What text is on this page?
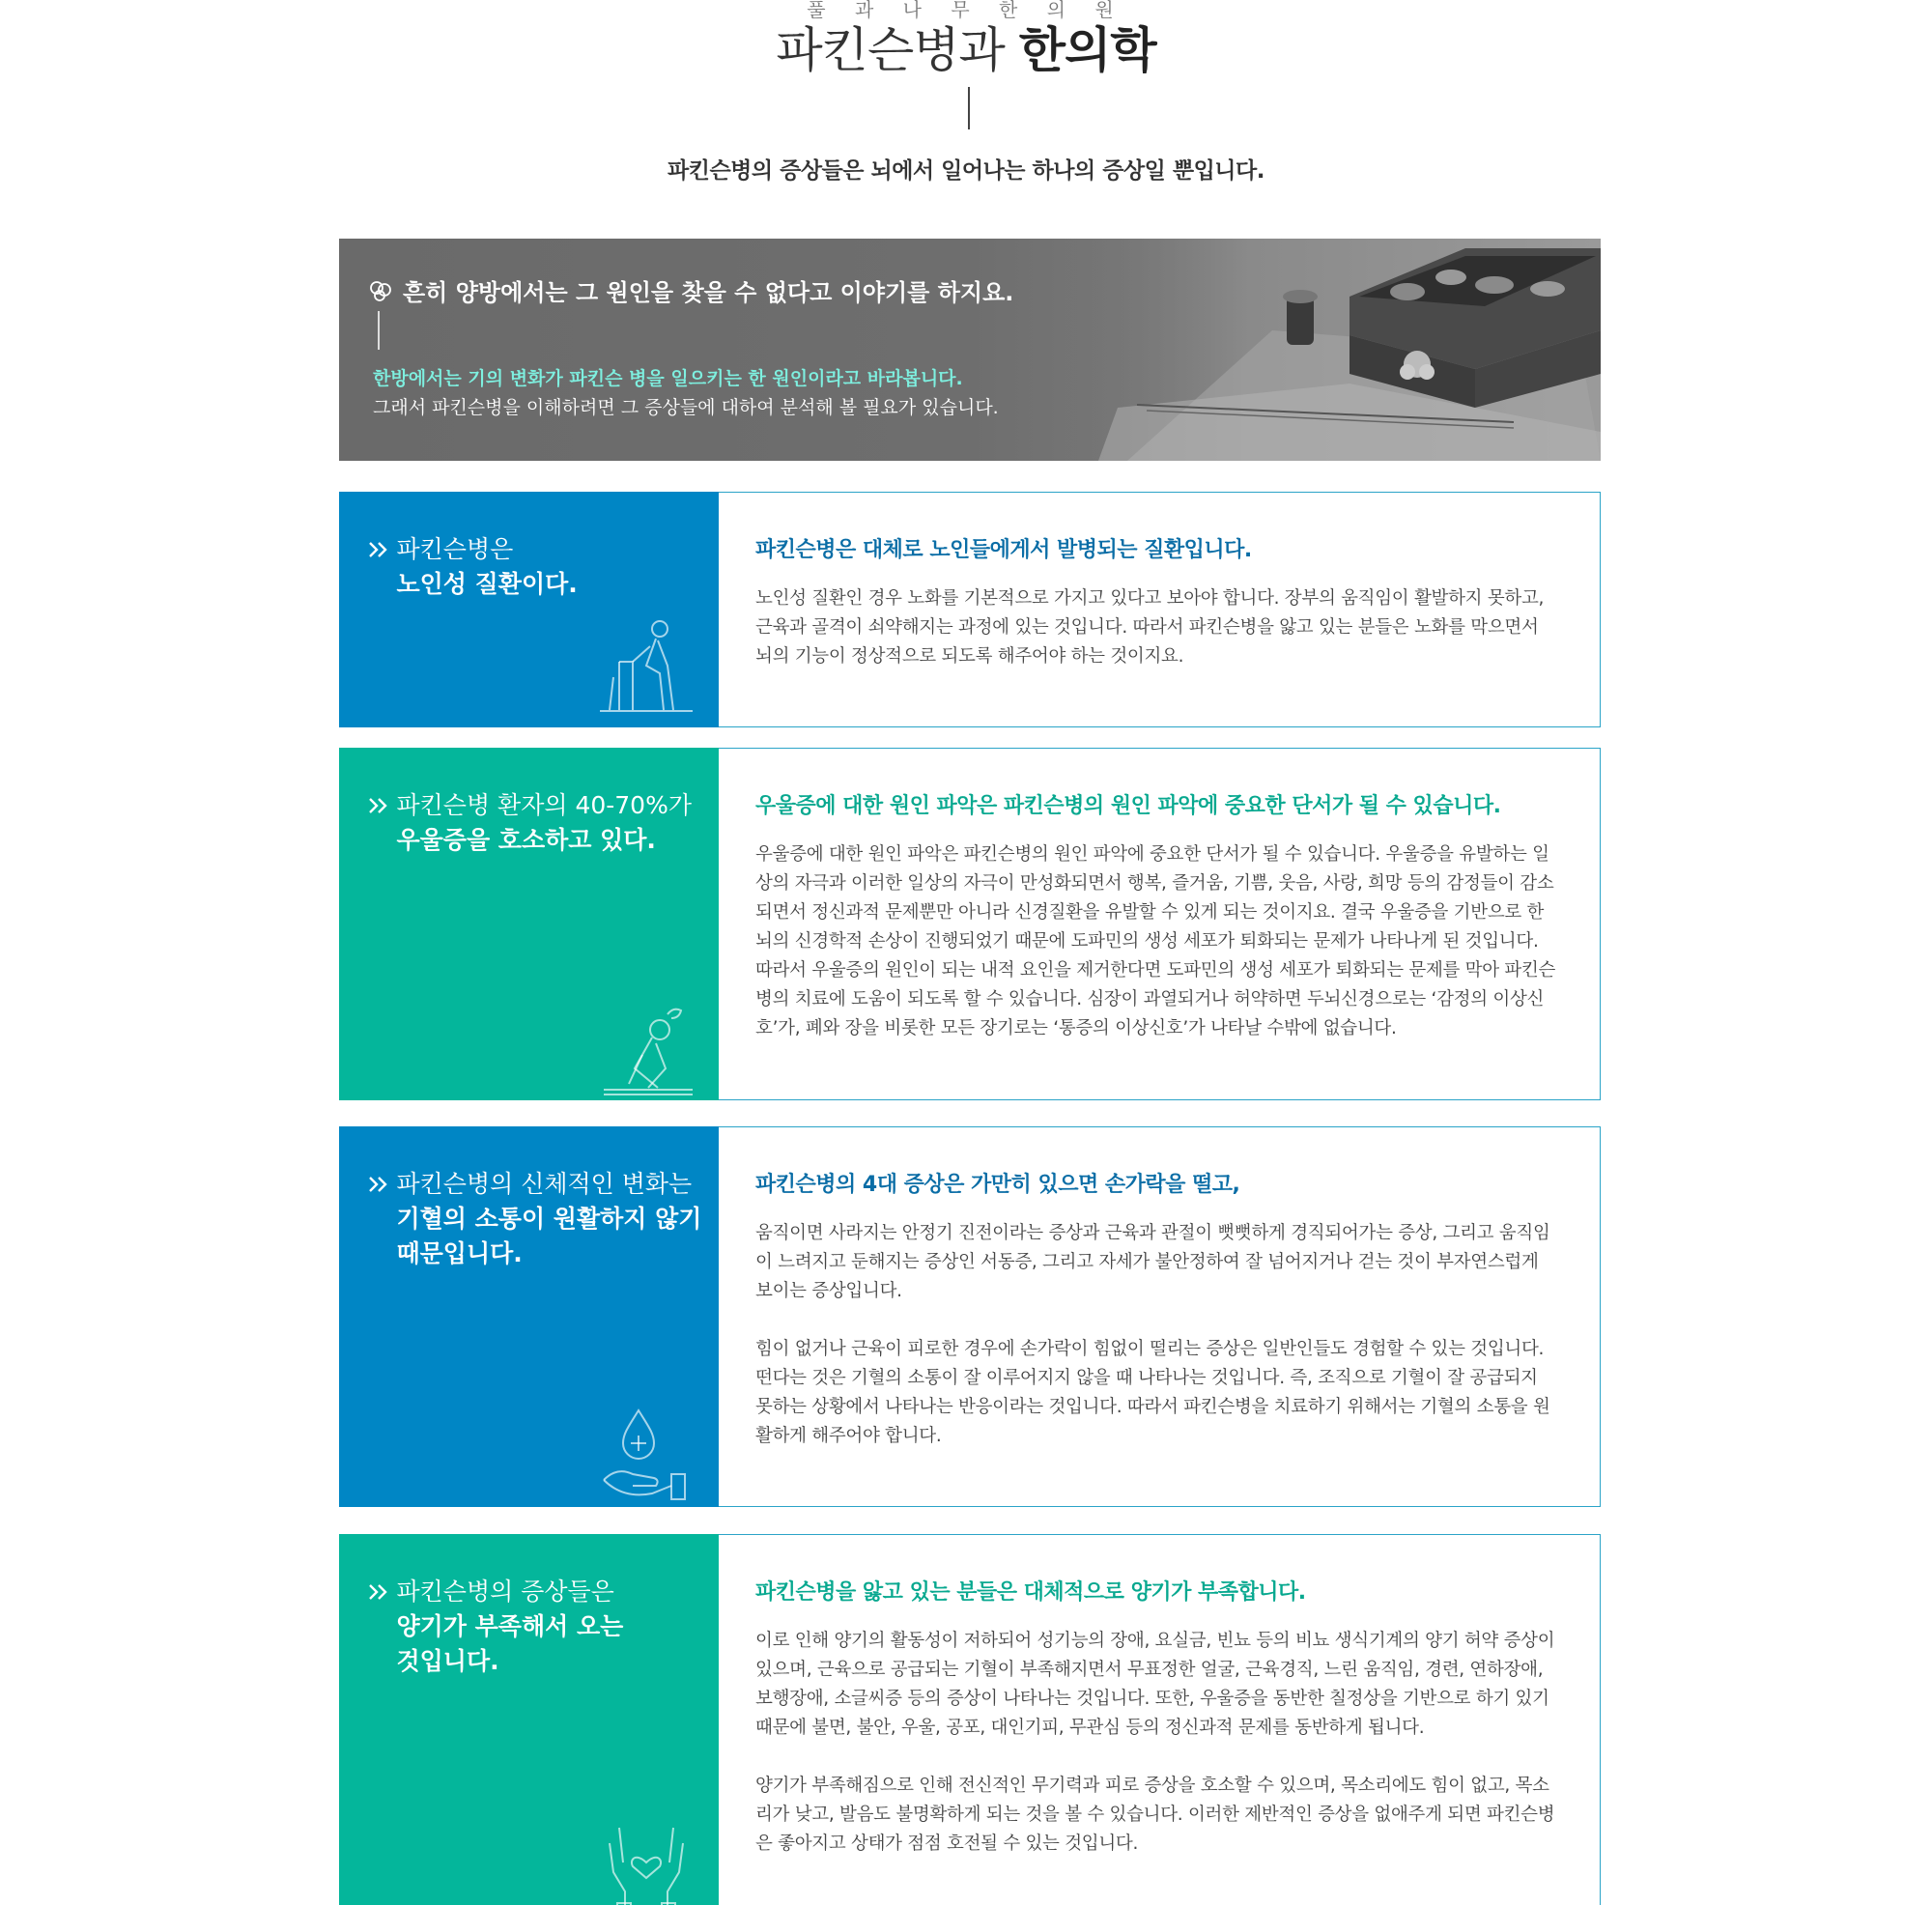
풀 과 나 무 한 의 원
파킨슨병과 한의학
파킨슨병의 증상들은 뇌에서 일어나는 하나의 증상일 뿐입니다.
흔히 양방에서는 그 원인을 찾을 수 없다고 이야기를 하지요.
한방에서는 기의 변화가 파킨슨 병을 일으키는 한 원인이라고 바라봅니다.
그래서 파킨슨병을 이해하려면 그 증상들에 대하여 분석해 볼 필요가 있습니다.
파킨슨병은
노인성 질환이다.
파킨슨병은 대체로 노인들에게서 발병되는 질환입니다.

노인성 질환인 경우 노화를 기본적으로 가지고 있다고 보아야 합니다. 장부의 움직임이 활발하지 못하고, 근육과 골격이 쇠약해지는 과정에 있는 것입니다. 따라서 파킨슨병을 앓고 있는 분들은 노화를 막으면서 뇌의 기능이 정상적으로 되도록 해주어야 하는 것이지요.

파킨슨병 환자의 40-70%가
우울증을 호소하고 있다.
우울증에 대한 원인 파악은 파킨슨병의 원인 파악에 중요한 단서가 될 수 있습니다.

우울증에 대한 원인 파악은 파킨슨병의 원인 파악에 중요한 단서가 될 수 있습니다. 우울증을 유발하는 일상의 자극과 이러한 일상의 자극이 만성화되면서 행복, 즐거움, 기쁨, 웃음, 사랑, 희망 등의 감정들이 감소되면서 정신과적 문제뿐만 아니라 신경질환을 유발할 수 있게 되는 것이지요. 결국 우울증을 기반으로 한 뇌의 신경학적 손상이 진행되었기 때문에 도파민의 생성 세포가 퇴화되는 문제가 나타나게 된 것입니다. 따라서 우울증의 원인이 되는 내적 요인을 제거한다면 도파민의 생성 세포가 퇴화되는 문제를 막아 파킨슨병의 치료에 도움이 되도록 할 수 있습니다. 심장이 과열되거나 허약하면 두뇌신경으로는 ‘감정의 이상신호’가, 폐와 장을 비롯한 모든 장기로는 ‘통증의 이상신호’가 나타날 수밖에 없습니다.

파킨슨병의 신체적인 변화는
기혈의 소통이 원활하지 않기
때문입니다.
파킨슨병의 4대 증상은 가만히 있으면 손가락을 떨고,

움직이면 사라지는 안정기 진전이라는 증상과 근육과 관절이 뻣뻣하게 경직되어가는 증상, 그리고 움직임이 느려지고 둔해지는 증상인 서동증, 그리고 자세가 불안정하여 잘 넘어지거나 걷는 것이 부자연스럽게 보이는 증상입니다.

힘이 없거나 근육이 피로한 경우에 손가락이 힘없이 떨리는 증상은 일반인들도 경험할 수 있는 것입니다. 떤다는 것은 기혈의 소통이 잘 이루어지지 않을 때 나타나는 것입니다. 즉, 조직으로 기혈이 잘 공급되지 못하는 상황에서 나타나는 반응이라는 것입니다. 따라서 파킨슨병을 치료하기 위해서는 기혈의 소통을 원활하게 해주어야 합니다.

파킨슨병의 증상들은
양기가 부족해서 오는
것입니다.
파킨슨병을 앓고 있는 분들은 대체적으로 양기가 부족합니다.

이로 인해 양기의 활동성이 저하되어 성기능의 장애, 요실금, 빈뇨 등의 비뇨 생식기계의 양기 허약 증상이 있으며, 근육으로 공급되는 기혈이 부족해지면서 무표정한 얼굴, 근육경직, 느린 움직임, 경련, 연하장애, 보행장애, 소글씨증 등의 증상이 나타나는 것입니다. 또한, 우울증을 동반한 칠정상을 기반으로 하기 있기 때문에 불면, 불안, 우울, 공포, 대인기피, 무관심 등의 정신과적 문제를 동반하게 됩니다.

양기가 부족해짐으로 인해 전신적인 무기력과 피로 증상을 호소할 수 있으며, 목소리에도 힘이 없고, 목소리가 낮고, 발음도 불명확하게 되는 것을 볼 수 있습니다. 이러한 제반적인 증상을 없애주게 되면 파킨슨병은 좋아지고 상태가 점점 호전될 수 있는 것입니다.
